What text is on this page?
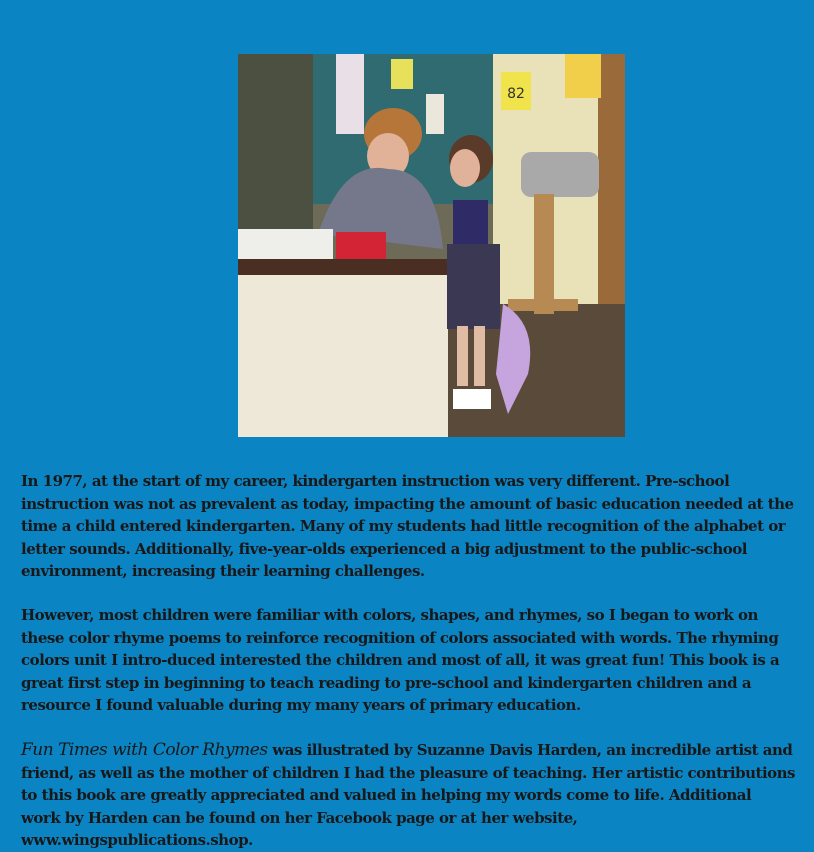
82
In 1977, at the start of my career, kindergarten instruction was very different. Pre-school instruction was not as prevalent as today, impacting the amount of basic education needed at the time a child entered kindergarten. Many of my students had little recognition of the alphabet or letter sounds. Additionally, five-year-olds experienced a big adjustment to the public-school environment, increasing their learning challenges.
However, most children were familiar with colors, shapes, and rhymes, so I began to work on these color rhyme poems to reinforce recognition of colors associated with words. The rhyming colors unit I intro-duced interested the children and most of all, it was great fun! This book is a great first step in beginning to teach reading to pre-school and kindergarten children and a resource I found valuable during my many years of primary education.
Fun Times with Color Rhymes was illustrated by Suzanne Davis Harden, an incredible artist and friend, as well as the mother of children I had the pleasure of teaching. Her artistic contributions to this book are greatly appreciated and valued in helping my words come to life. Additional work by Harden can be found on her Facebook page or at her website, www.wingspublications.shop.
